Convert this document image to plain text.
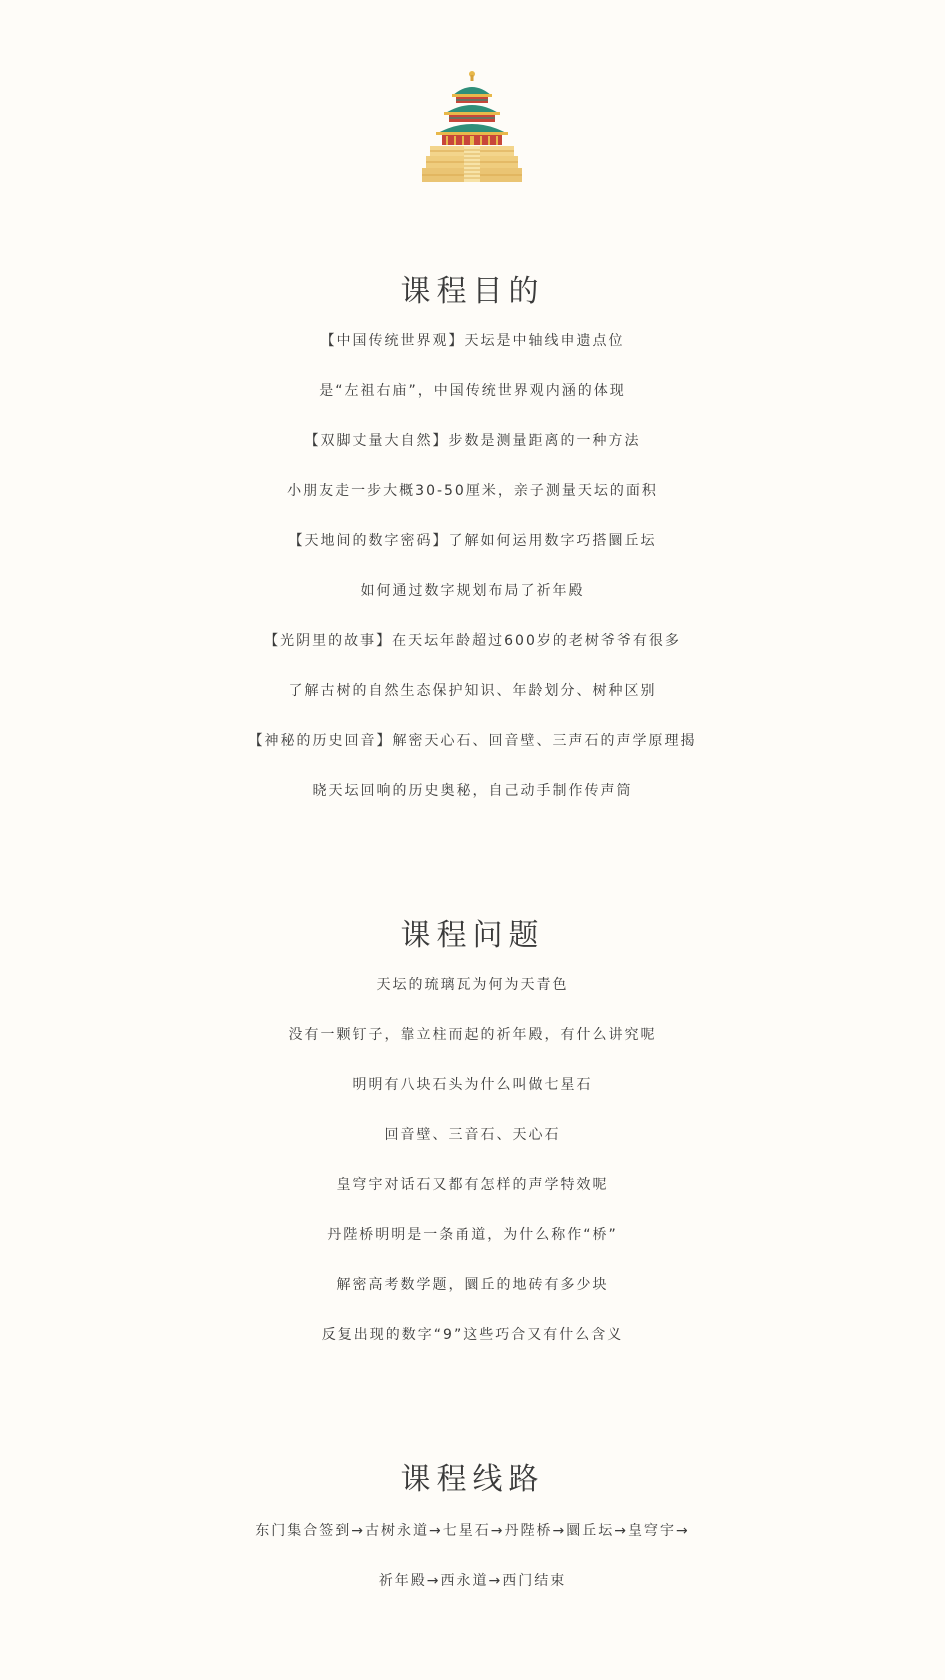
课程目的
【中国传统世界观】天坛是中轴线申遗点位
是“左祖右庙”，中国传统世界观内涵的体现
【双脚丈量大自然】步数是测量距离的一种方法
小朋友走一步大概30-50厘米，亲子测量天坛的面积
【天地间的数字密码】了解如何运用数字巧搭圜丘坛
如何通过数字规划布局了祈年殿
【光阴里的故事】在天坛年龄超过600岁的老树爷爷有很多
了解古树的自然生态保护知识、年龄划分、树种区别
【神秘的历史回音】解密天心石、回音壁、三声石的声学原理揭
晓天坛回响的历史奥秘，自己动手制作传声筒
课程问题
天坛的琉璃瓦为何为天青色
没有一颗钉子，靠立柱而起的祈年殿，有什么讲究呢
明明有八块石头为什么叫做七星石
回音壁、三音石、天心石
皇穹宇对话石又都有怎样的声学特效呢
丹陛桥明明是一条甬道，为什么称作“桥”
解密高考数学题，圜丘的地砖有多少块
反复出现的数字“9”这些巧合又有什么含义
课程线路
东门集合签到→古树永道→七星石→丹陛桥→圜丘坛→皇穹宇→
祈年殿→西永道→西门结束
